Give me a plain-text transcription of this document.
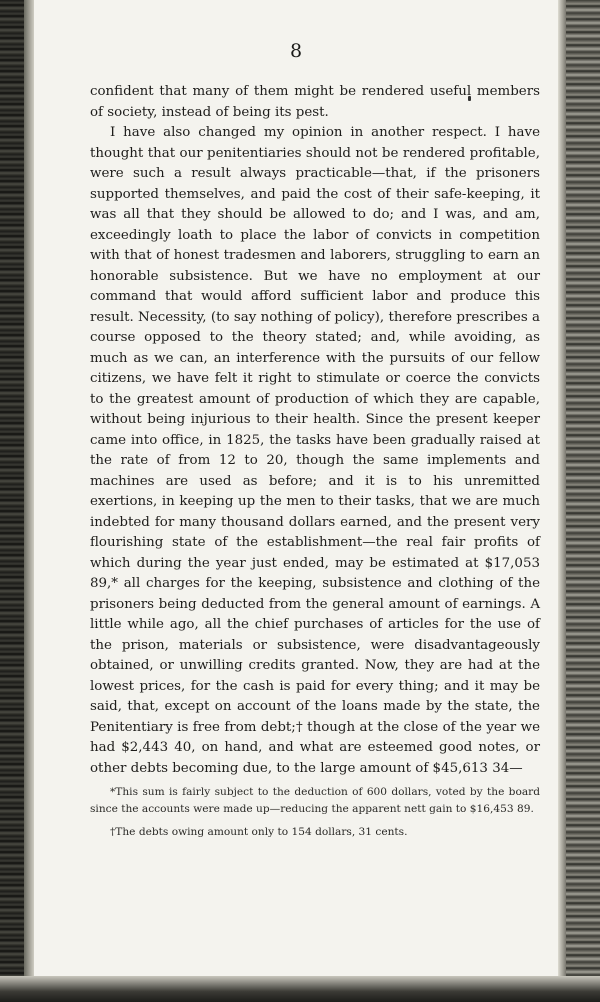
8

confident that many of them might be rendered useful members of society, instead of being its pest.

I have also changed my opinion in another respect. I have thought that our penitentiaries should not be rendered profitable, were such a result always practicable—that, if the prisoners supported themselves, and paid the cost of their safe-keeping, it was all that they should be allowed to do; and I was, and am, exceedingly loath to place the labor of convicts in competition with that of honest tradesmen and laborers, struggling to earn an honorable subsistence. But we have no employment at our command that would afford sufficient labor and produce this result. Necessity, (to say nothing of policy), therefore prescribes a course opposed to the theory stated; and, while avoiding, as much as we can, an interference with the pursuits of our fellow citizens, we have felt it right to stimulate or coerce the convicts to the greatest amount of production of which they are capable, without being injurious to their health. Since the present keeper came into office, in 1825, the tasks have been gradually raised at the rate of from 12 to 20, though the same implements and machines are used as before; and it is to his unremitted exertions, in keeping up the men to their tasks, that we are much indebted for many thousand dollars earned, and the present very flourishing state of the establishment—the real fair profits of which during the year just ended, may be estimated at $17,053 89,* all charges for the keeping, subsistence and clothing of the prisoners being deducted from the general amount of earnings. A little while ago, all the chief purchases of articles for the use of the prison, materials or subsistence, were disadvantageously obtained, or unwilling credits granted. Now, they are had at the lowest prices, for the cash is paid for every thing; and it may be said, that, except on account of the loans made by the state, the Penitentiary is free from debt;† though at the close of the year we had $2,443 40, on hand, and what are esteemed good notes, or other debts becoming due, to the large amount of $45,613 34—

*This sum is fairly subject to the deduction of 600 dollars, voted by the board since the accounts were made up—reducing the apparent nett gain to $16,453 89.

†The debts owing amount only to 154 dollars, 31 cents.
